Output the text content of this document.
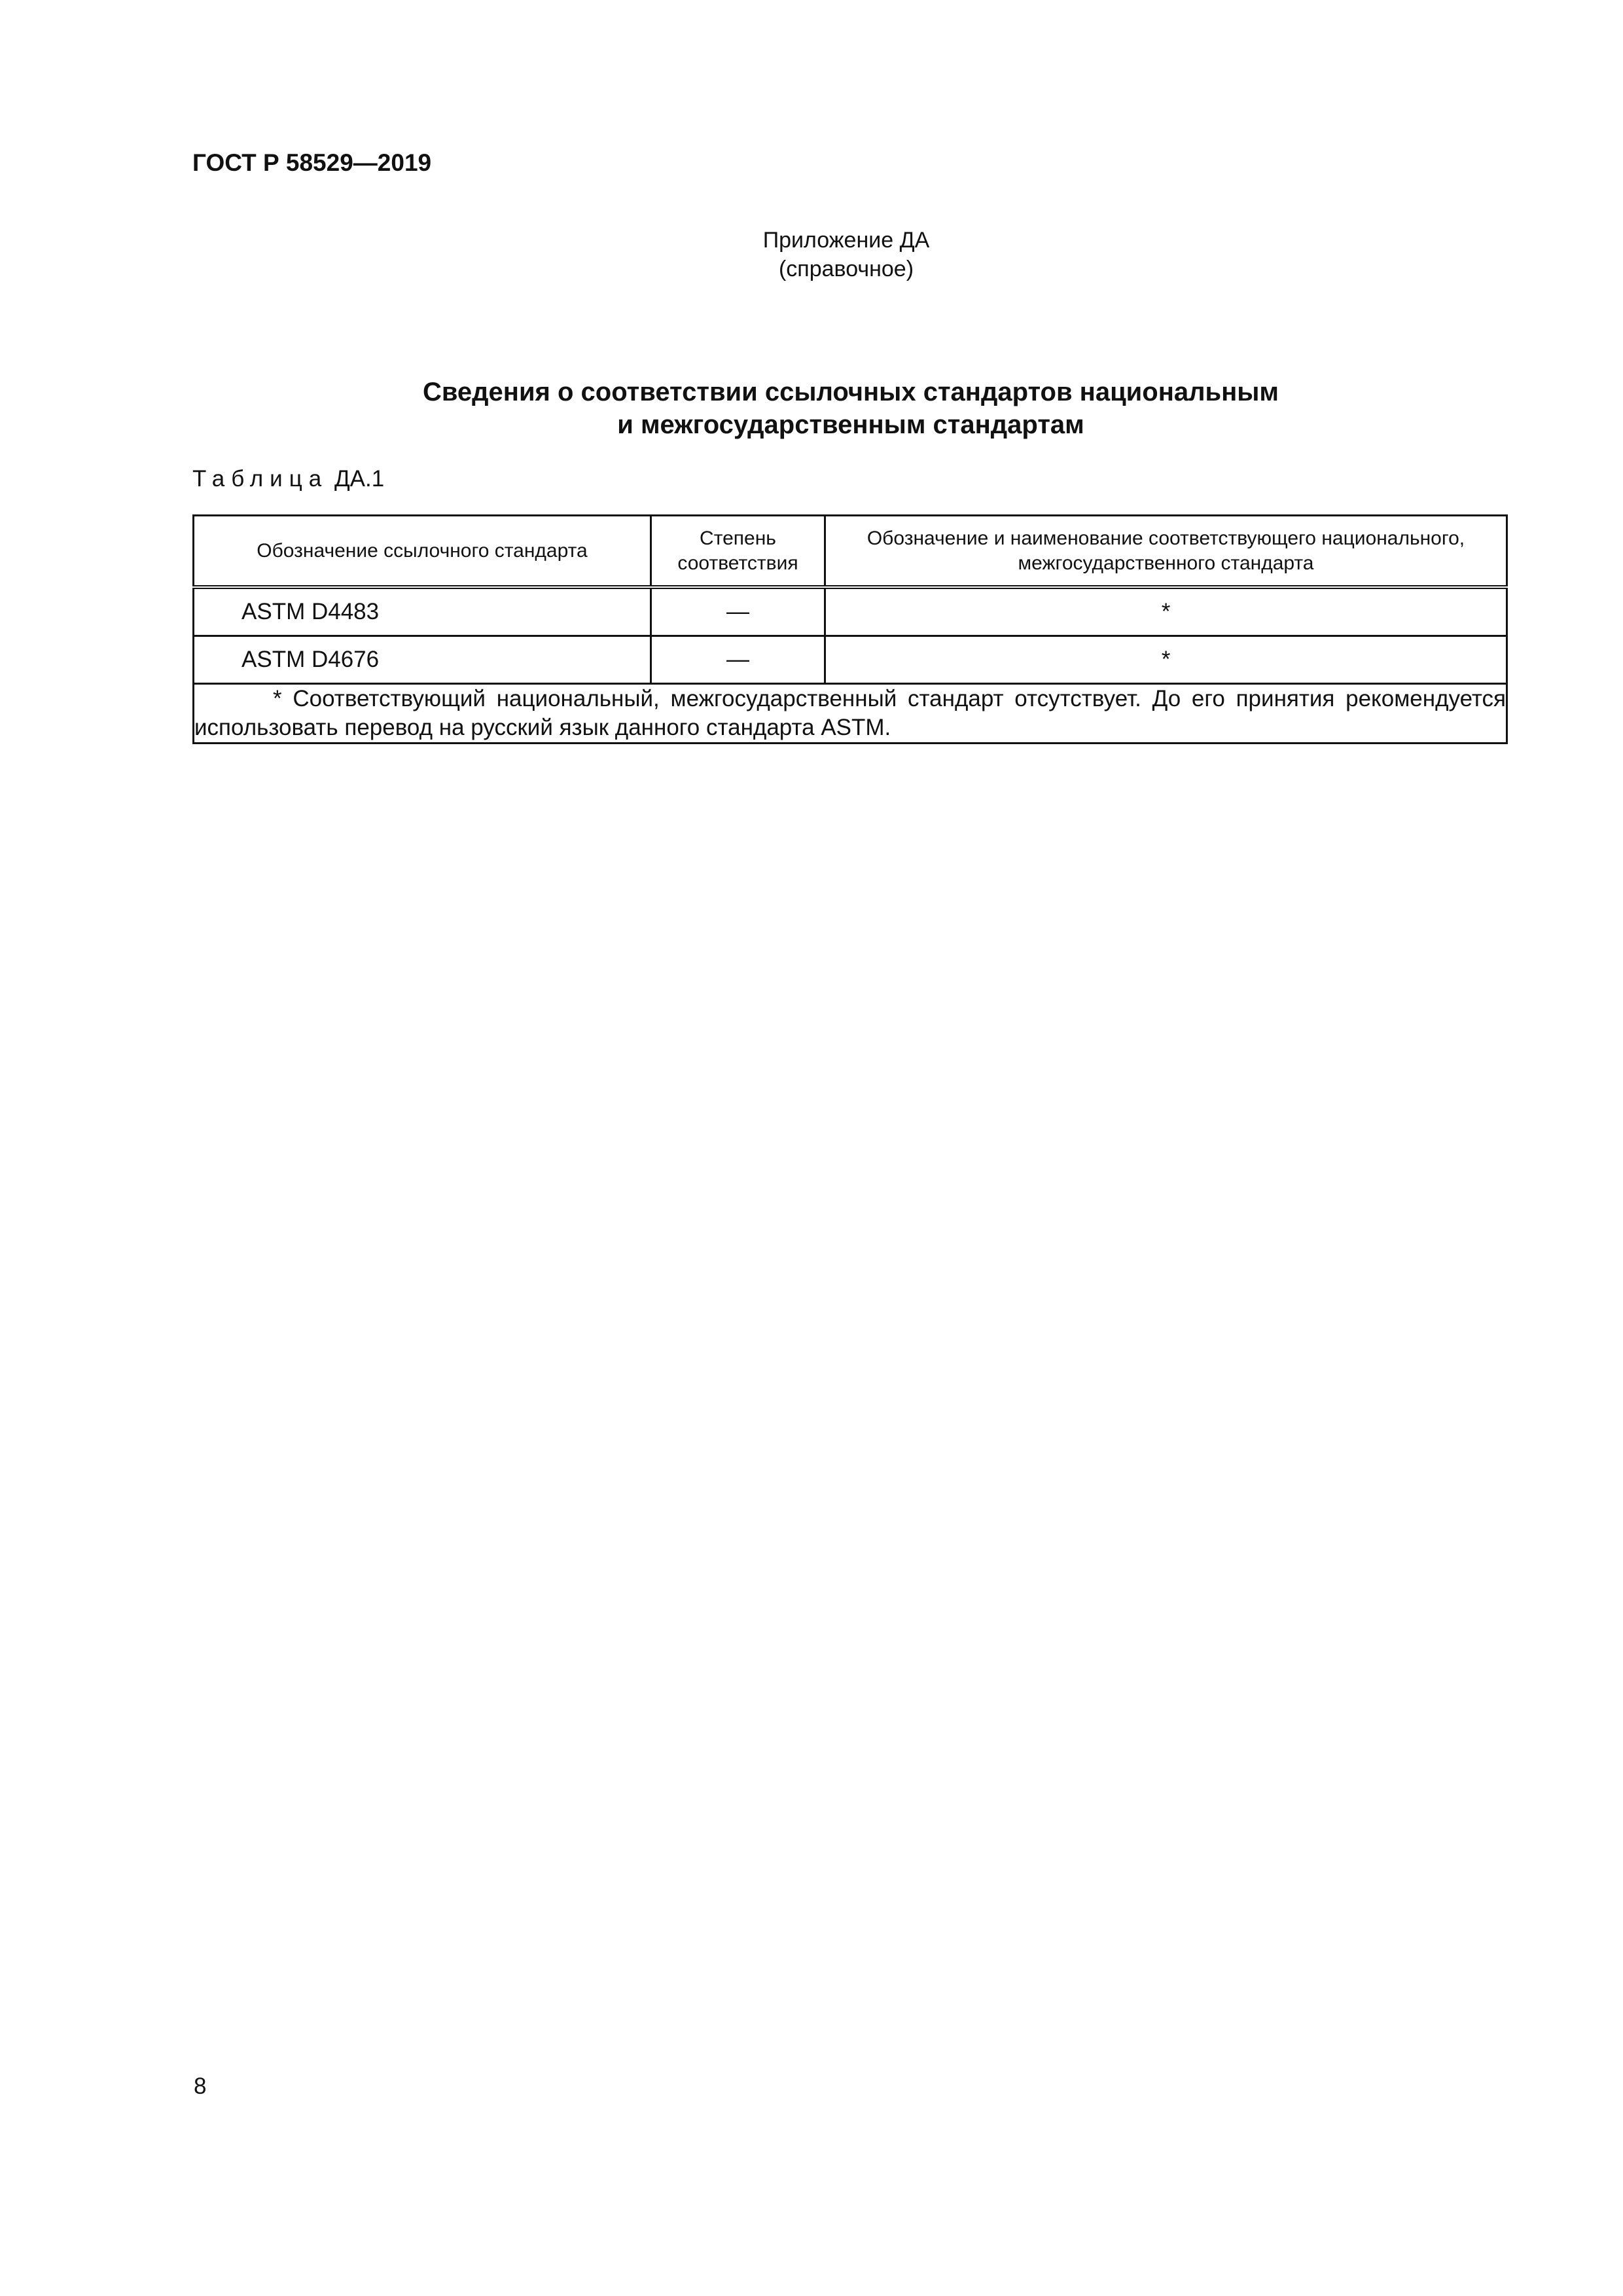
ГОСТ Р 58529—2019
Приложение ДА
(справочное)
Сведения о соответствии ссылочных стандартов национальным
и межгосударственным стандартам
Таблица ДА.1
Обозначение ссылочного стандарта	Степень соответствия	Обозначение и наименование соответствующего национального, межгосударственного стандарта
ASTM D4483	—	*
ASTM D4676	—	*
* Соответствующий национальный, межгосударственный стандарт отсутствует. До его принятия рекомендуется использовать перевод на русский язык данного стандарта ASTM.		
8
